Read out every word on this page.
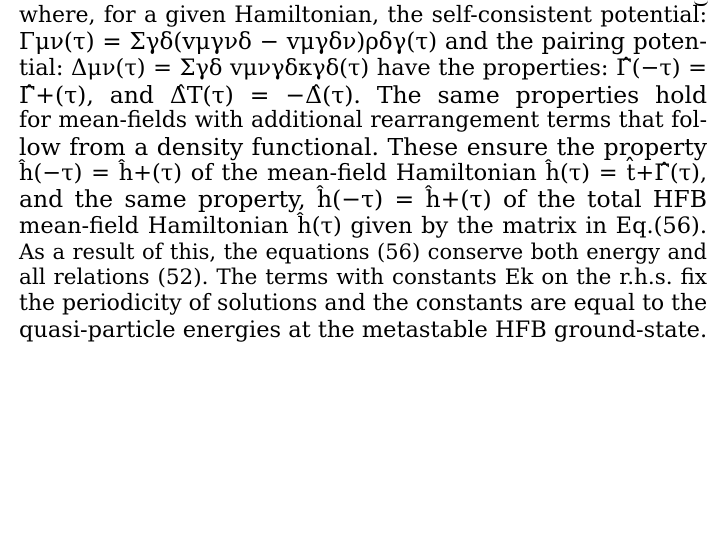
where, for a given Hamiltonian, the self-consistent potential:
Γμν(τ) = Σγδ(vμγνδ − vμγδν)ρδγ(τ) and the pairing poten-
tial: Δμν(τ) = Σγδ vμνγδκγδ(τ) have the properties: Γ̂(−τ) =
Γ̂+(τ), and Δ̂T(τ) = −Δ̂(τ). The same properties hold
for mean-fields with additional rearrangement terms that fol-
low from a density functional. These ensure the property
ĥ(−τ) = ĥ+(τ) of the mean-field Hamiltonian ĥ(τ) = t̂+Γ̂(τ),
and the same property, ĥ(−τ) = ĥ+(τ) of the total HFB
mean-field Hamiltonian ĥ(τ) given by the matrix in Eq.(56).
As a result of this, the equations (56) conserve both energy and
all relations (52). The terms with constants Ek on the r.h.s. fix
the periodicity of solutions and the constants are equal to the
quasi-particle energies at the metastable HFB ground-state.
